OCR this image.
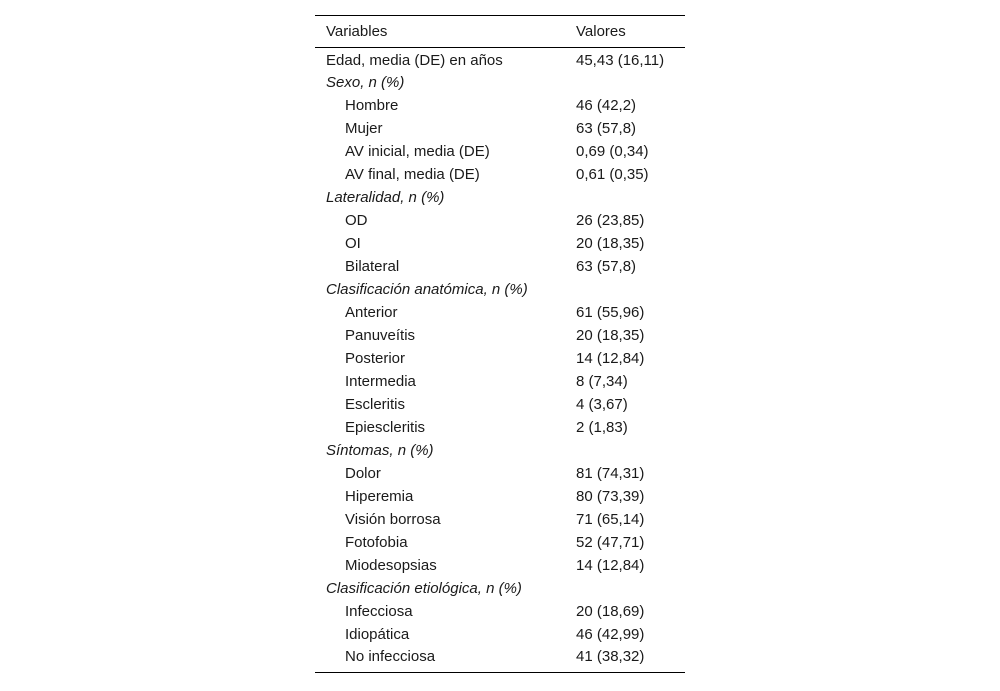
Variables	Valores
Edad, media (DE) en años	45,43 (16,11)
Sexo, n (%)	
Hombre	46 (42,2)
Mujer	63 (57,8)
AV inicial, media (DE)	0,69 (0,34)
AV final, media (DE)	0,61 (0,35)
Lateralidad, n (%)	
OD	26 (23,85)
OI	20 (18,35)
Bilateral	63 (57,8)
Clasificación anatómica, n (%)	
Anterior	61 (55,96)
Panuveítis	20 (18,35)
Posterior	14 (12,84)
Intermedia	8 (7,34)
Escleritis	4 (3,67)
Epiescleritis	2 (1,83)
Síntomas, n (%)	
Dolor	81 (74,31)
Hiperemia	80 (73,39)
Visión borrosa	71 (65,14)
Fotofobia	52 (47,71)
Miodesopsias	14 (12,84)
Clasificación etiológica, n (%)	
Infecciosa	20 (18,69)
Idiopática	46 (42,99)
No infecciosa	41 (38,32)
